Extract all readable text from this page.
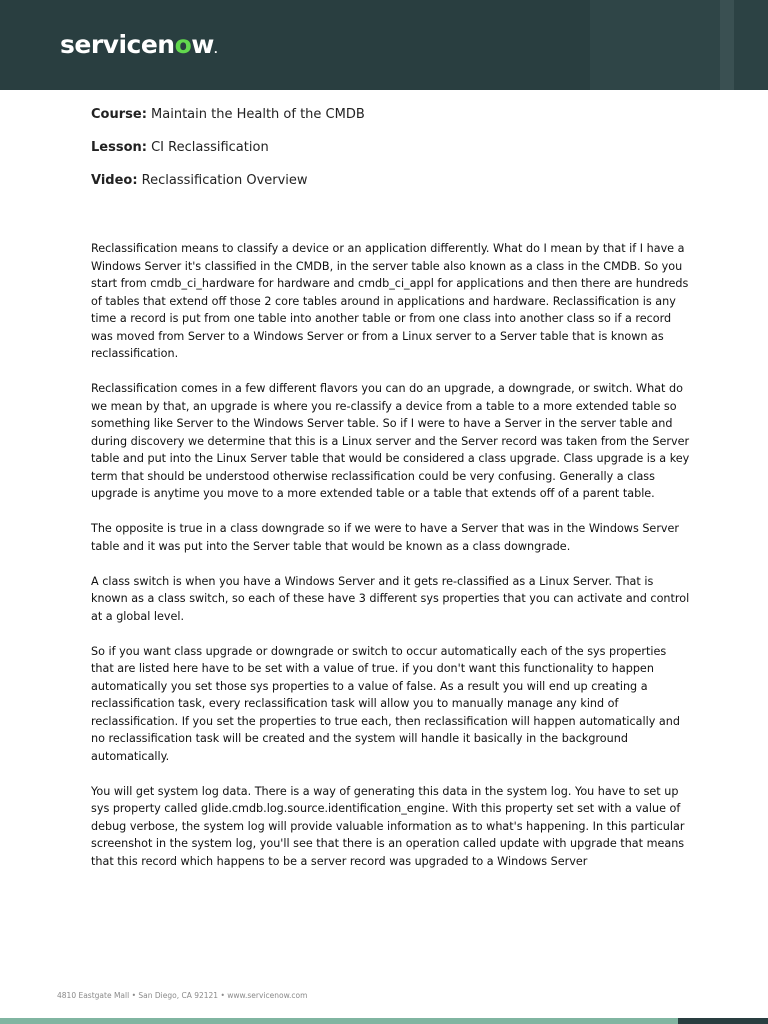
servicenow.
Course: Maintain the Health of the CMDB
Lesson: CI Reclassification
Video: Reclassification Overview

Reclassification means to classify a device or an application differently. What do I mean by that if I have a Windows Server it's classified in the CMDB, in the server table also known as a class in the CMDB. So you start from cmdb_ci_hardware for hardware and cmdb_ci_appl for applications and then there are hundreds of tables that extend off those 2 core tables around in applications and hardware. Reclassification is any time a record is put from one table into another table or from one class into another class so if a record was moved from Server to a Windows Server or from a Linux server to a Server table that is known as reclassification.

Reclassification comes in a few different flavors you can do an upgrade, a downgrade, or switch. What do we mean by that, an upgrade is where you re-classify a device from a table to a more extended table so something like Server to the Windows Server table. So if I were to have a Server in the server table and during discovery we determine that this is a Linux server and the Server record was taken from the Server table and put into the Linux Server table that would be considered a class upgrade. Class upgrade is a key term that should be understood otherwise reclassification could be very confusing. Generally a class upgrade is anytime you move to a more extended table or a table that extends off of a parent table.

The opposite is true in a class downgrade so if we were to have a Server that was in the Windows Server table and it was put into the Server table that would be known as a class downgrade.

A class switch is when you have a Windows Server and it gets re-classified as a Linux Server. That is known as a class switch, so each of these have 3 different sys properties that you can activate and control at a global level.

So if you want class upgrade or downgrade or switch to occur automatically each of the sys properties that are listed here have to be set with a value of true. if you don't want this functionality to happen automatically you set those sys properties to a value of false. As a result you will end up creating a reclassification task, every reclassification task will allow you to manually manage any kind of reclassification. If you set the properties to true each, then reclassification will happen automatically and no reclassification task will be created and the system will handle it basically in the background automatically.

You will get system log data. There is a way of generating this data in the system log. You have to set up sys property called glide.cmdb.log.source.identification_engine. With this property set set with a value of debug verbose, the system log will provide valuable information as to what's happening. In this particular screenshot in the system log, you'll see that there is an operation called update with upgrade that means that this record which happens to be a server record was upgraded to a Windows Server

4810 Eastgate Mall • San Diego, CA 92121 • www.servicenow.com
